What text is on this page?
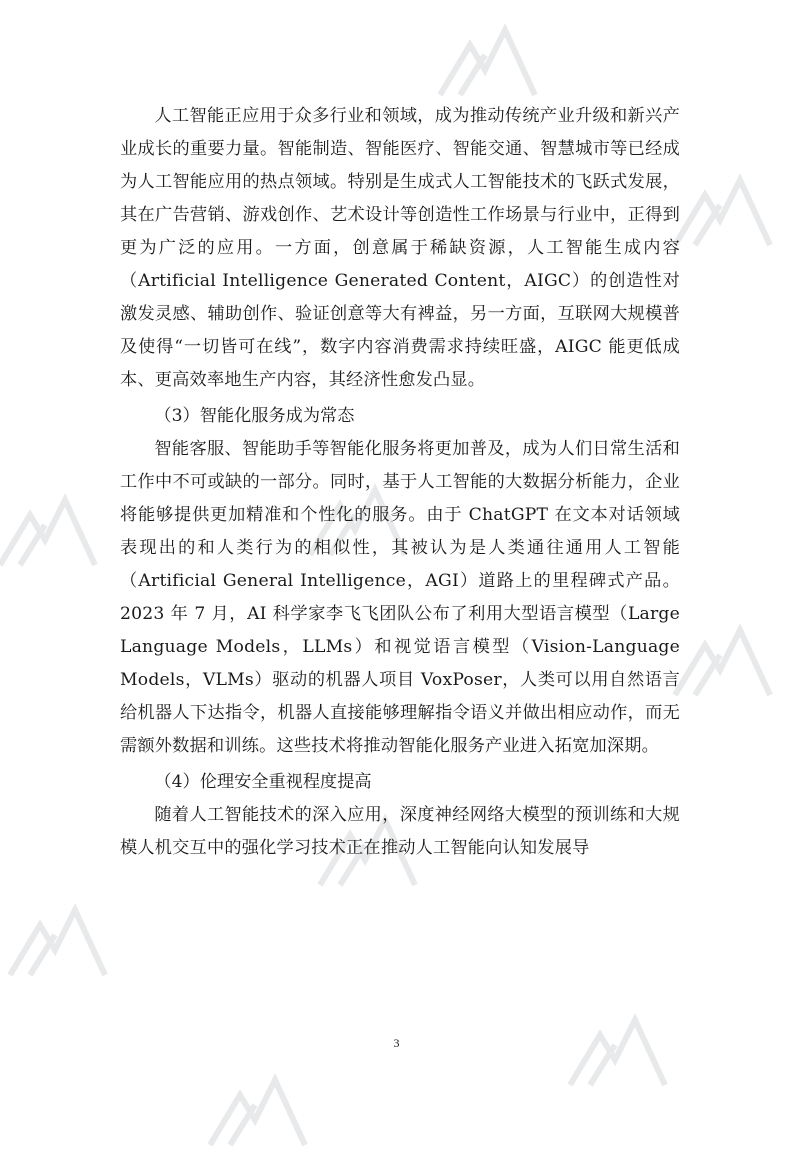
人工智能正应用于众多行业和领域，成为推动传统产业升级和新兴产业成长的重要力量。智能制造、智能医疗、智能交通、智慧城市等已经成为人工智能应用的热点领域。特别是生成式人工智能技术的飞跃式发展，其在广告营销、游戏创作、艺术设计等创造性工作场景与行业中，正得到更为广泛的应用。一方面，创意属于稀缺资源，人工智能生成内容（Artificial Intelligence Generated Content，AIGC）的创造性对激发灵感、辅助创作、验证创意等大有裨益，另一方面，互联网大规模普及使得“一切皆可在线”，数字内容消费需求持续旺盛，AIGC 能更低成本、更高效率地生产内容，其经济性愈发凸显。

（3）智能化服务成为常态

智能客服、智能助手等智能化服务将更加普及，成为人们日常生活和工作中不可或缺的一部分。同时，基于人工智能的大数据分析能力，企业将能够提供更加精准和个性化的服务。由于 ChatGPT 在文本对话领域表现出的和人类行为的相似性，其被认为是人类通往通用人工智能（Artificial General Intelligence，AGI）道路上的里程碑式产品。2023 年 7 月，AI 科学家李飞飞团队公布了利用大型语言模型（Large Language Models，LLMs）和视觉语言模型（Vision-Language Models，VLMs）驱动的机器人项目 VoxPoser，人类可以用自然语言给机器人下达指令，机器人直接能够理解指令语义并做出相应动作，而无需额外数据和训练。这些技术将推动智能化服务产业进入拓宽加深期。

（4）伦理安全重视程度提高

随着人工智能技术的深入应用，深度神经网络大模型的预训练和大规模人机交互中的强化学习技术正在推动人工智能向认知发展导

3
